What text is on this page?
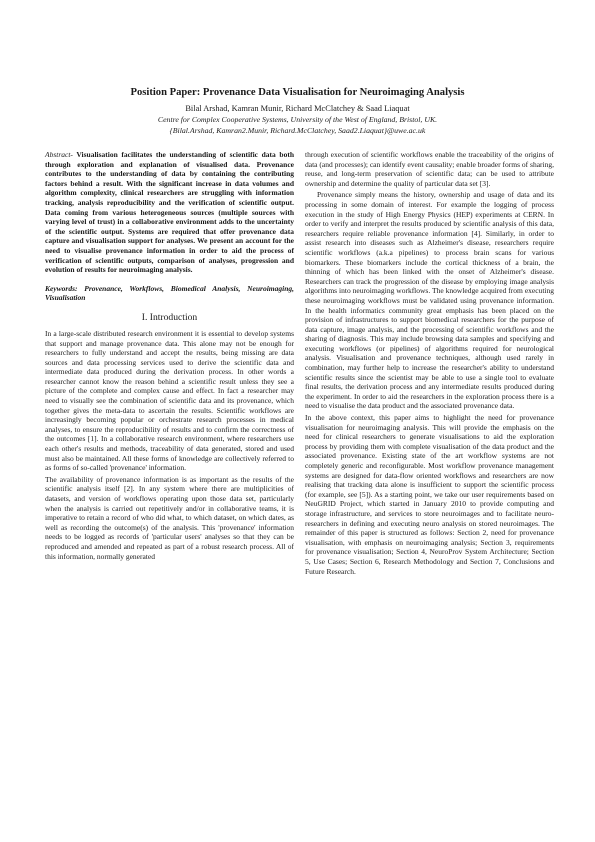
Position Paper: Provenance Data Visualisation for Neuroimaging Analysis
Bilal Arshad, Kamran Munir, Richard McClatchey & Saad Liaquat
Centre for Complex Cooperative Systems, University of the West of England, Bristol, UK.
{Bilal.Arshad, Kamran2.Munir, Richard.McClatchey, Saad2.Liaquat}@uwe.ac.uk

Abstract- Visualisation facilitates the understanding of scientific data both through exploration and explanation of visualised data. Provenance contributes to the understanding of data by containing the contributing factors behind a result. With the significant increase in data volumes and algorithm complexity, clinical researchers are struggling with information tracking, analysis reproducibility and the verification of scientific output. Data coming from various heterogeneous sources (multiple sources with varying level of trust) in a collaborative environment adds to the uncertainty of the scientific output. Systems are required that offer provenance data capture and visualisation support for analyses. We present an account for the need to visualise provenance information in order to aid the process of verification of scientific outputs, comparison of analyses, progression and evolution of results for neuroimaging analysis.

Keywords: Provenance, Workflows, Biomedical Analysis, Neuroimaging, Visualisation

I. Introduction

In a large-scale distributed research environment it is essential to develop systems that support and manage provenance data. This alone may not be enough for researchers to fully understand and accept the results, being missing are data sources and data processing services used to derive the scientific data and intermediate data produced during the derivation process. In other words a researcher cannot know the reason behind a scientific result unless they see a picture of the complete and complex cause and effect. In fact a researcher may need to visually see the combination of scientific data and its provenance, which together gives the meta-data to ascertain the results. Scientific workflows are increasingly becoming popular or orchestrate research processes in medical analyses, to ensure the reproducibility of results and to confirm the correctness of the outcomes [1]. In a collaborative research environment, where researchers use each other's results and methods, traceability of data generated, stored and used must also be maintained. All these forms of knowledge are collectively referred to as forms of so-called 'provenance' information.

The availability of provenance information is as important as the results of the scientific analysis itself [2]. In any system where there are multiplicities of datasets, and version of workflows operating upon those data set, particularly when the analysis is carried out repetitively and/or in collaborative teams, it is imperative to retain a record of who did what, to which dataset, on which dates, as well as recording the outcome(s) of the analysis. This 'provenance' information needs to be logged as records of 'particular users' analyses so that they can be reproduced and amended and repeated as part of a robust research process. All of this information, normally generated

through execution of scientific workflows enable the traceability of the origins of data (and processes); can identify event causality; enable broader forms of sharing, reuse, and long-term preservation of scientific data; can be used to attribute ownership and determine the quality of particular data set [3].

Provenance simply means the history, ownership and usage of data and its processing in some domain of interest. For example the logging of process execution in the study of High Energy Physics (HEP) experiments at CERN. In order to verify and interpret the results produced by scientific analysis of this data, researchers require reliable provenance information [4]. Similarly, in order to assist research into diseases such as Alzheimer's disease, researchers require scientific workflows (a.k.a pipelines) to process brain scans for various biomarkers. These biomarkers include the cortical thickness of a brain, the thinning of which has been linked with the onset of Alzheimer's disease. Researchers can track the progression of the disease by employing image analysis algorithms into neuroimaging workflows. The knowledge acquired from executing these neuroimaging workflows must be validated using provenance information. In the health informatics community great emphasis has been placed on the provision of infrastructures to support biomedical researchers for the purpose of data capture, image analysis, and the processing of scientific workflows and the sharing of diagnosis. This may include browsing data samples and specifying and executing workflows (or pipelines) of algorithms required for neurological analysis. Visualisation and provenance techniques, although used rarely in combination, may further help to increase the researcher's ability to understand scientific results since the scientist may be able to use a single tool to evaluate final results, the derivation process and any intermediate results produced during the experiment. In order to aid the researchers in the exploration process there is a need to visualise the data product and the associated provenance data.

In the above context, this paper aims to highlight the need for provenance visualisation for neuroimaging analysis. This will provide the emphasis on the need for clinical researchers to generate visualisations to aid the exploration process by providing them with complete visualisation of the data product and the associated provenance. Existing state of the art workflow systems are not completely generic and reconfigurable. Most workflow provenance management systems are designed for data-flow oriented workflows and researchers are now realising that tracking data alone is insufficient to support the scientific process (for example, see [5]). As a starting point, we take our user requirements based on NeuGRID Project, which started in January 2010 to provide computing and storage infrastructure, and services to store neuroimages and to facilitate neuro-researchers in defining and executing neuro analysis on stored neuroimages. The remainder of this paper is structured as follows: Section 2, need for provenance visualisation, with emphasis on neuroimaging analysis; Section 3, requirements for provenance visualisation; Section 4, NeuroProv System Architecture; Section 5, Use Cases; Section 6, Research Methodology and Section 7, Conclusions and Future Research.
